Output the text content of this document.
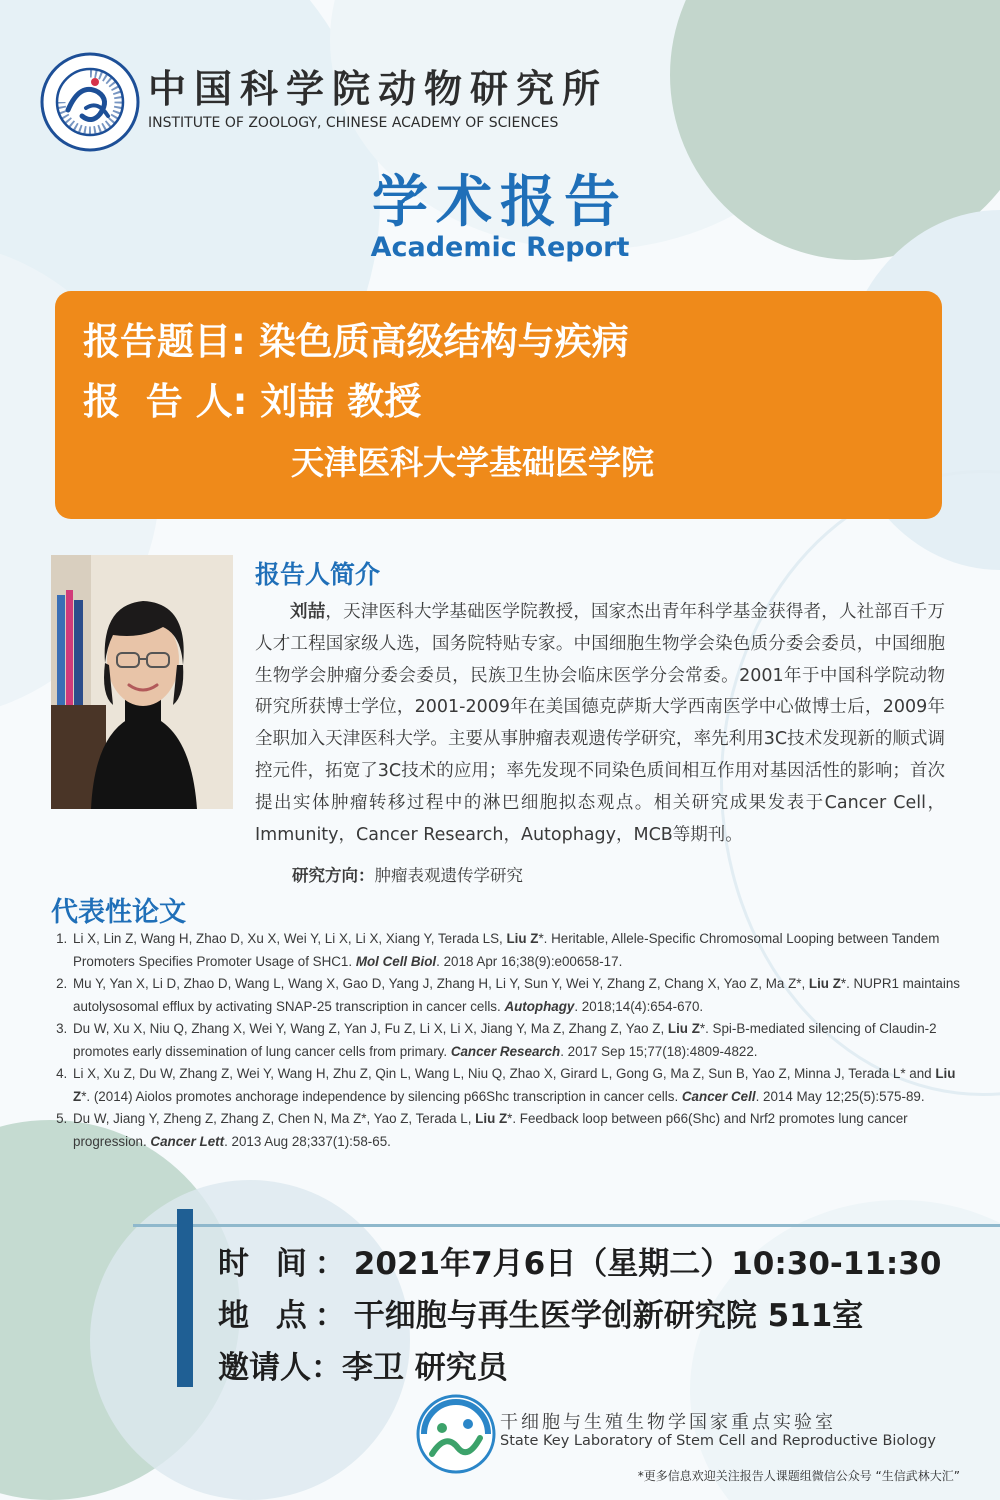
中国科学院动物研究所
INSTITUTE OF ZOOLOGY, CHINESE ACADEMY OF SCIENCES
学术报告
Academic Report
报告题目: 染色质高级结构与疾病
报  告 人: 刘喆 教授
天津医科大学基础医学院
报告人简介
刘喆，天津医科大学基础医学院教授，国家杰出青年科学基金获得者，人社部百千万人才工程国家级人选，国务院特贴专家。中国细胞生物学会染色质分委会委员，中国细胞生物学会肿瘤分委会委员，民族卫生协会临床医学分会常委。2001年于中国科学院动物研究所获博士学位，2001-2009年在美国德克萨斯大学西南医学中心做博士后，2009年全职加入天津医科大学。主要从事肿瘤表观遗传学研究，率先利用3C技术发现新的顺式调控元件，拓宽了3C技术的应用；率先发现不同染色质间相互作用对基因活性的影响；首次提出实体肿瘤转移过程中的淋巴细胞拟态观点。相关研究成果发表于Cancer Cell，Immunity，Cancer Research，Autophagy，MCB等期刊。
研究方向：肿瘤表观遗传学研究
代表性论文
1. Li X, Lin Z, Wang H, Zhao D, Xu X, Wei Y, Li X, Li X, Xiang Y, Terada LS, Liu Z*. Heritable, Allele-Specific Chromosomal Looping between Tandem Promoters Specifies Promoter Usage of SHC1. Mol Cell Biol. 2018 Apr 16;38(9):e00658-17.
2. Mu Y, Yan X, Li D, Zhao D, Wang L, Wang X, Gao D, Yang J, Zhang H, Li Y, Sun Y, Wei Y, Zhang Z, Chang X, Yao Z, Ma Z*, Liu Z*. NUPR1 maintains autolysosomal efflux by activating SNAP-25 transcription in cancer cells. Autophagy. 2018;14(4):654-670.
3. Du W, Xu X, Niu Q, Zhang X, Wei Y, Wang Z, Yan J, Fu Z, Li X, Li X, Jiang Y, Ma Z, Zhang Z, Yao Z, Liu Z*. Spi-B-mediated silencing of Claudin-2 promotes early dissemination of lung cancer cells from primary. Cancer Research. 2017 Sep 15;77(18):4809-4822.
4. Li X, Xu Z, Du W, Zhang Z, Wei Y, Wang H, Zhu Z, Qin L, Wang L, Niu Q, Zhao X, Girard L, Gong G, Ma Z, Sun B, Yao Z, Minna J, Terada L* and Liu Z*. (2014) Aiolos promotes anchorage independence by silencing p66Shc transcription in cancer cells. Cancer Cell. 2014 May 12;25(5):575-89.
5. Du W, Jiang Y, Zheng Z, Zhang Z, Chen N, Ma Z*, Yao Z, Terada L, Liu Z*. Feedback loop between p66(Shc) and Nrf2 promotes lung cancer progression. Cancer Lett. 2013 Aug 28;337(1):58-65.
时 间：2021年7月6日（星期二）10:30-11:30
地 点：干细胞与再生医学创新研究院 511室
邀请人：李卫 研究员
干细胞与生殖生物学国家重点实验室
State Key Laboratory of Stem Cell and Reproductive Biology
*更多信息欢迎关注报告人课题组微信公众号 “生信武林大汇”
